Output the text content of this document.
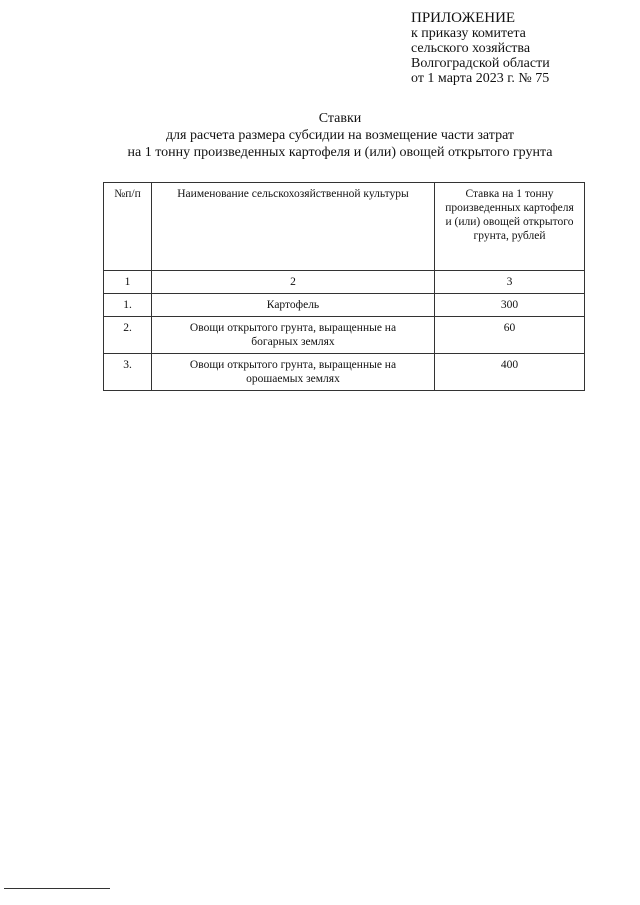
ПРИЛОЖЕНИЕ
к приказу комитета
сельского хозяйства
Волгоградской области
от 1 марта 2023 г. № 75
Ставки
для расчета размера субсидии на возмещение части затрат
на 1 тонну произведенных картофеля и (или) овощей открытого грунта
№п/п	Наименование сельскохозяйственной культуры	Ставка на 1 тонну произведенных картофеля и (или) овощей открытого грунта, рублей
1	2	3
1.	Картофель	300
2.	Овощи открытого грунта, выращенные на богарных землях	60
3.	Овощи открытого грунта, выращенные на орошаемых землях	400
